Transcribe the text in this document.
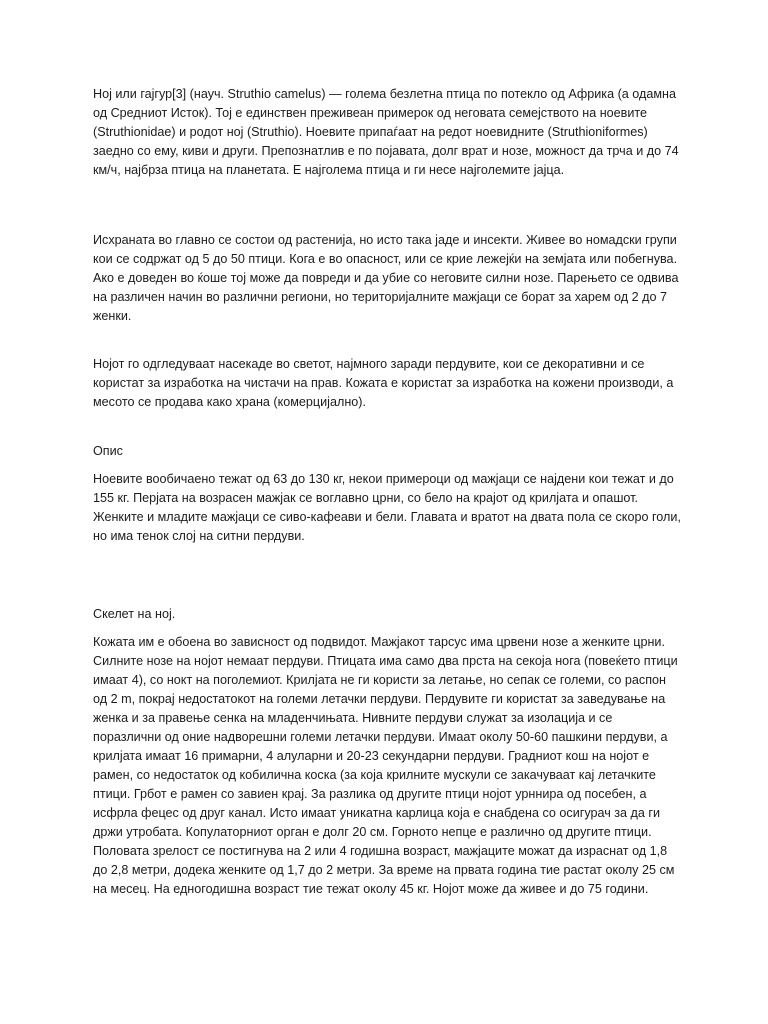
Ној или гајгур[3] (науч. Struthio camelus) — голема безлетна птица по потекло од Африка (а одамна од Средниот Исток). Тој е единствен преживеан примерок од неговата семејството на ноевите (Struthionidae) и родот ној (Struthio). Ноевите припаѓаат на редот ноевидните (Struthioniformes) заедно со ему, киви и други. Препознатлив е по појавата, долг врат и нозе, можност да трча и до 74 км/ч, најбрза птица на планетата. Е најголема птица и ги несе најголемите јајца.

Исхраната во главно се состои од растенија, но исто така јаде и инсекти. Живее во номадски групи кои се содржат од 5 до 50 птици. Кога е во опасност, или се крие лежејќи на земјата или побегнува. Ако е доведен во ќоше тој може да повреди и да убие со неговите силни нозе. Парењето се одвива на различен начин во различни региони, но територијалните мажјаци се борат за харем од 2 до 7 женки.

Нојот го одгледуваат насекаде во светот, најмного заради пердувите, кои се декоративни и се користат за изработка на чистачи на прав. Кожата е користат за изработка на кожени производи, а месото се продава како храна (комерцијално).

Опис

Ноевите вообичаено тежат од 63 до 130 кг, некои примероци од мажјаци се најдени кои тежат и до 155 кг. Перјата на возрасен мажјак се воглавно црни, со бело на крајот од крилјата и опашот. Женките и младите мажјаци се сиво-кафеави и бели. Главата и вратот на двата пола се скоро голи, но има тенок слој на ситни пердуви.

Скелет на ној.

Кожата им е обоена во зависност од подвидот. Мажјакот тарсус има црвени нозе а женките црни. Силните нозе на нојот немаат пердуви. Птицата има само два прста на секоја нога (повеќето птици имаат 4), со нокт на поголемиот. Крилјата не ги користи за летање, но сепак се големи, со распон од 2 m, покрај недостатокот на големи летачки пердуви. Пердувите ги користат за заведување на женка и за правење сенка на младенчињата. Нивните пердуви служат за изолација и се поразлични од оние надворешни големи летачки пердуви. Имаат околу 50-60 пашкини пердуви, а крилјата имаат 16 примарни, 4 алуларни и 20-23 секундарни пердуви. Градниот кош на нојот е рамен, со недостаток од кобилична коска (за која крилните мускули се закачуваат кај летачките птици. Грбот е рамен со завиен крај. За разлика од другите птици нојот урннира од посебен, а исфрла фецес од друг канал. Исто имаат уникатна карлица која е снабдена со осигурач за да ги држи утробата. Копулаторниот орган е долг 20 см. Горното непце е различно од другите птици. Половата зрелост се постигнува на 2 или 4 годишна возраст, мажјаците можат да израснат од 1,8 до 2,8 метри, додека женките од 1,7 до 2 метри. За време на првата година тие растат околу 25 см на месец. На едногодишна возраст тие тежат околу 45 кг. Нојот може да живее и до 75 години.
